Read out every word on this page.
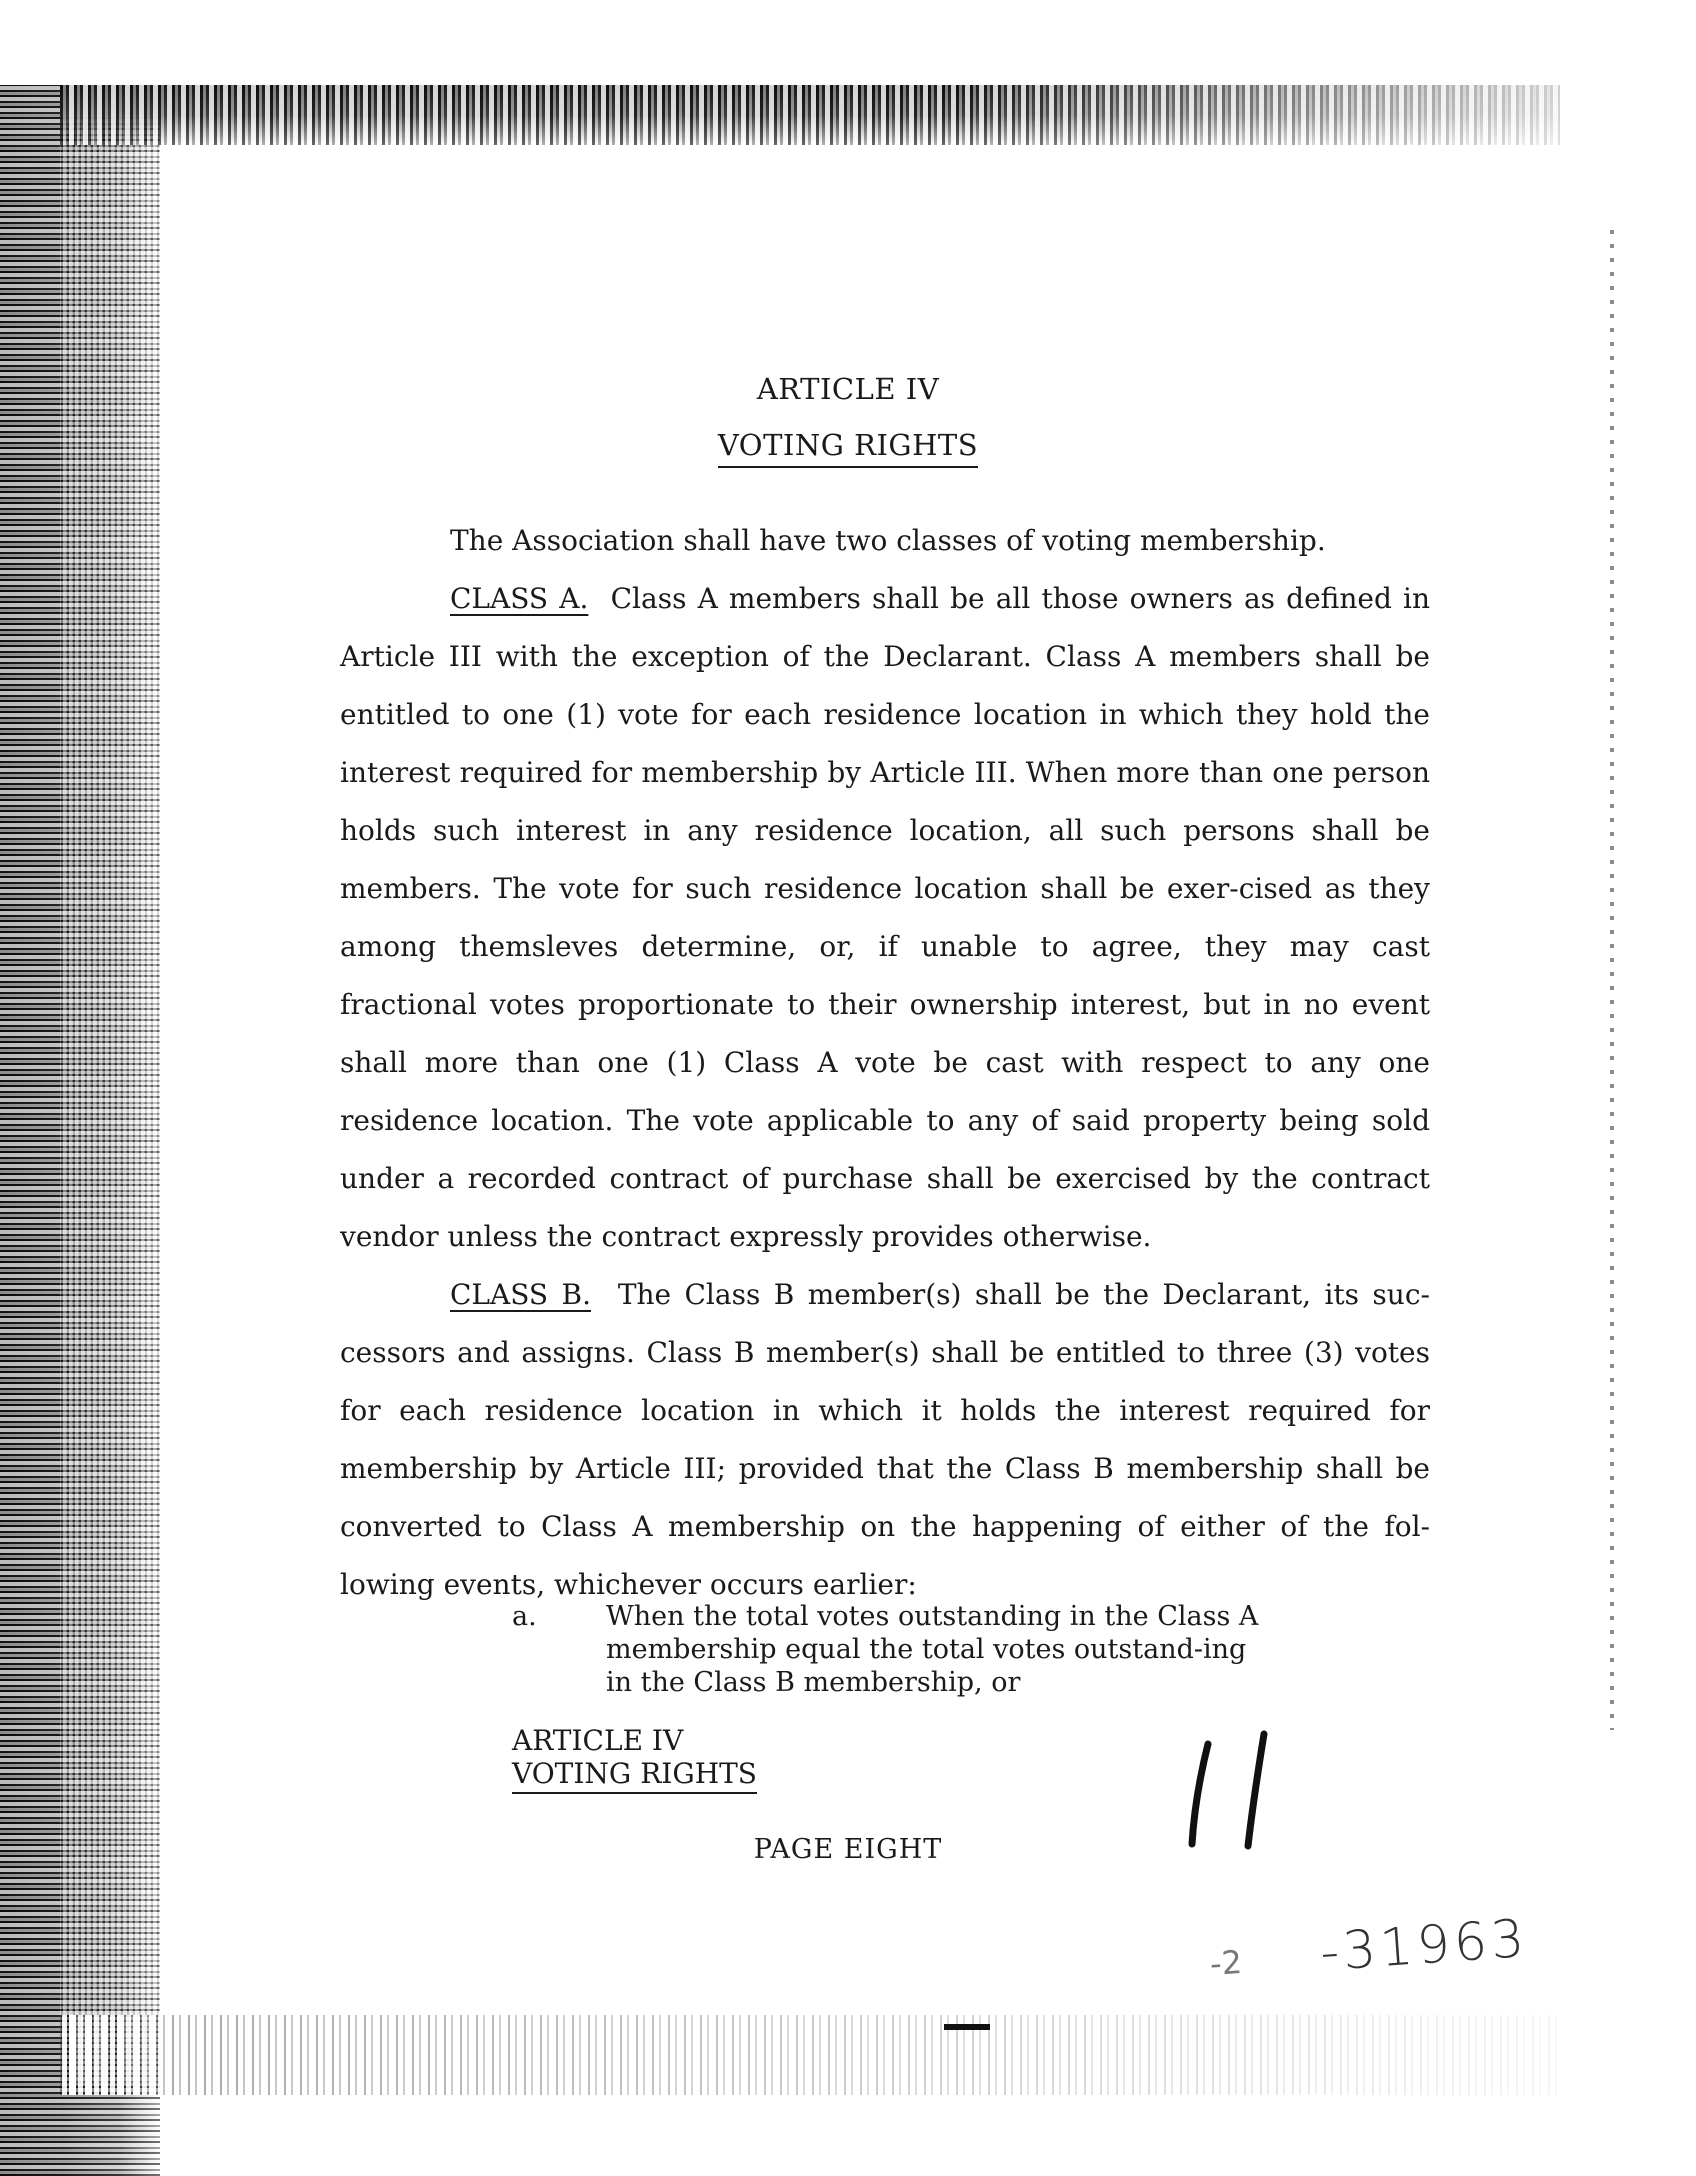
ARTICLE IV
VOTING RIGHTS

The Association shall have two classes of voting membership.

CLASS A. Class A members shall be all those owners as defined in Article III with the exception of the Declarant. Class A members shall be entitled to one (1) vote for each residence location in which they hold the interest required for membership by Article III. When more than one person holds such interest in any residence location, all such persons shall be members. The vote for such residence location shall be exer-cised as they among themsleves determine, or, if unable to agree, they may cast fractional votes proportionate to their ownership interest, but in no event shall more than one (1) Class A vote be cast with respect to any one residence location. The vote applicable to any of said property being sold under a recorded contract of purchase shall be exercised by the contract vendor unless the contract expressly provides otherwise.

CLASS B. The Class B member(s) shall be the Declarant, its suc-cessors and assigns. Class B member(s) shall be entitled to three (3) votes for each residence location in which it holds the interest required for membership by Article III; provided that the Class B membership shall be converted to Class A membership on the happening of either of the fol-lowing events, whichever occurs earlier:

a.	When the total votes outstanding in the Class A membership equal the total votes outstand-ing in the Class B membership, or
ARTICLE IV
VOTING RIGHTS
PAGE EIGHT
-2 -31963
